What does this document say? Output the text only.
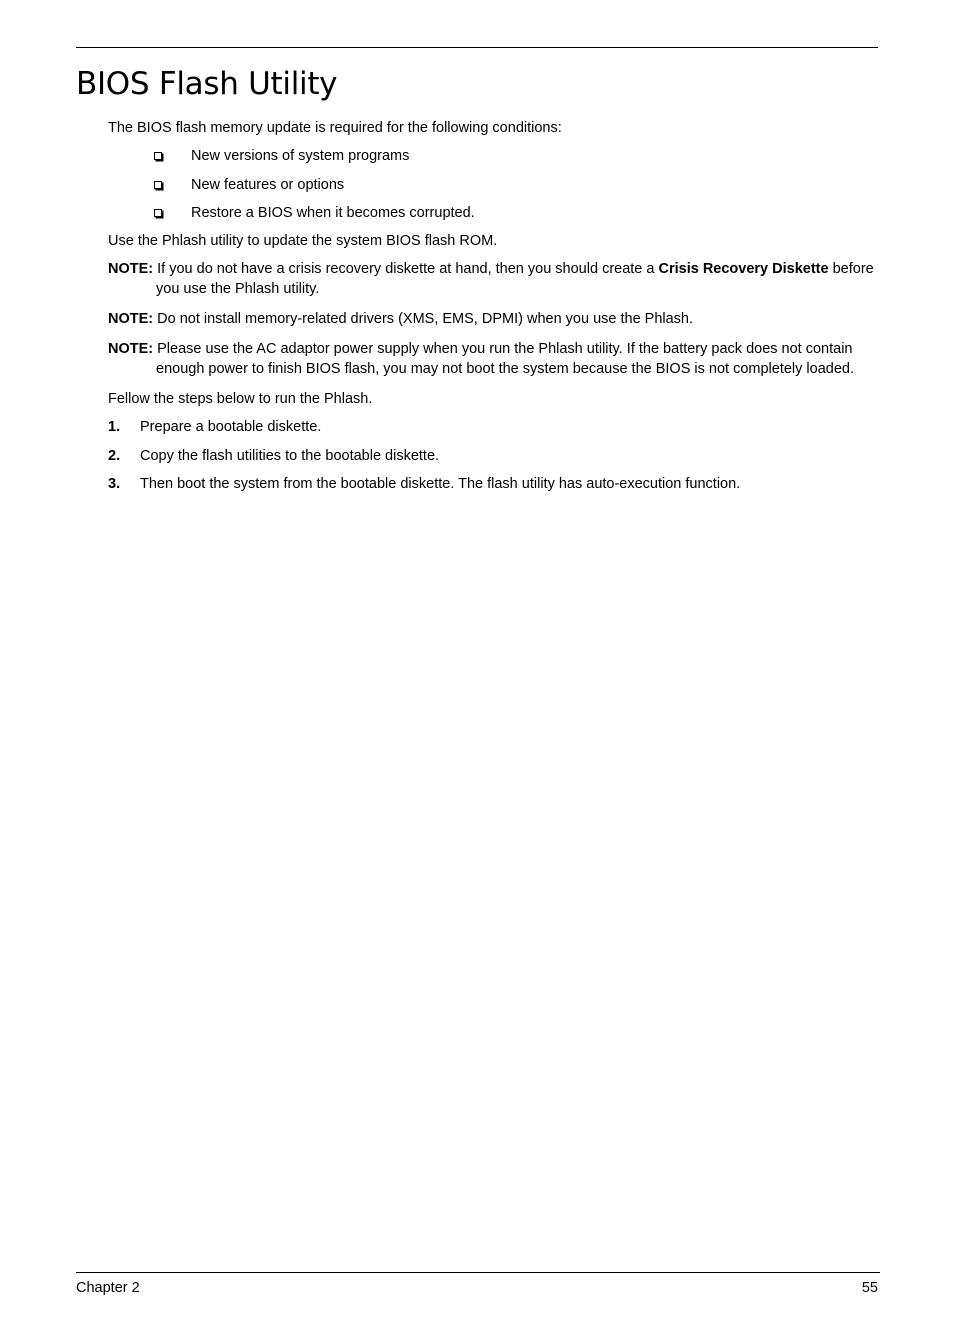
BIOS Flash Utility

The BIOS flash memory update is required for the following conditions:

New versions of system programs
New features or options
Restore a BIOS when it becomes corrupted.

Use the Phlash utility to update the system BIOS flash ROM.

NOTE: If you do not have a crisis recovery diskette at hand, then you should create a Crisis Recovery Diskette before you use the Phlash utility.

NOTE: Do not install memory-related drivers (XMS, EMS, DPMI) when you use the Phlash.

NOTE: Please use the AC adaptor power supply when you run the Phlash utility. If the battery pack does not contain enough power to finish BIOS flash, you may not boot the system because the BIOS is not completely loaded.

Fellow the steps below to run the Phlash.

1. Prepare a bootable diskette.
2. Copy the flash utilities to the bootable diskette.
3. Then boot the system from the bootable diskette. The flash utility has auto-execution function.
Chapter 2	55
